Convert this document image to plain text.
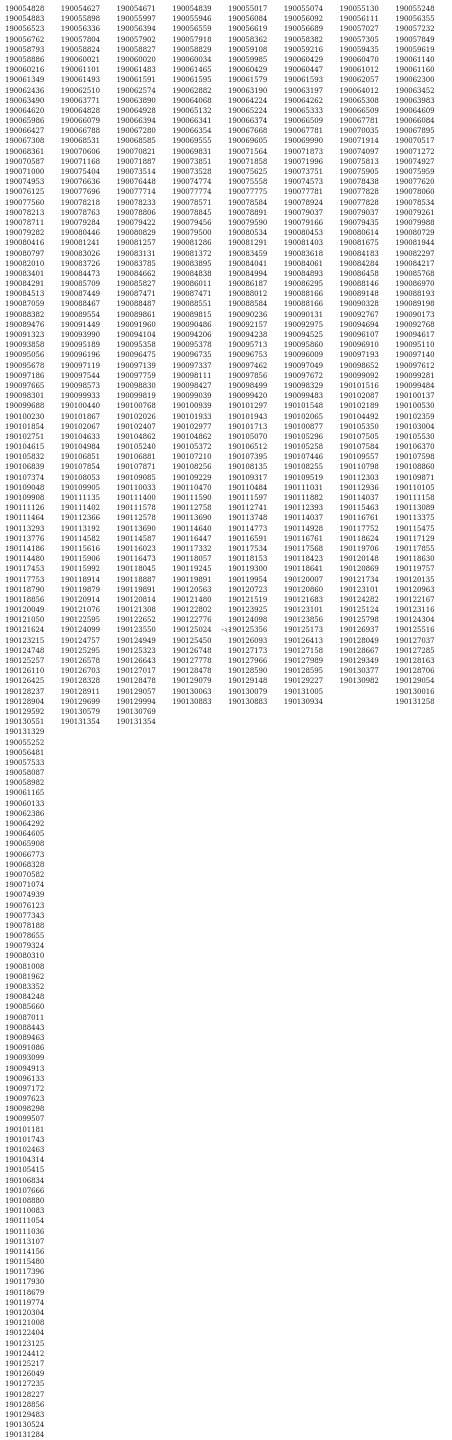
190054828
190054883
190056523
190056762
190058793
190058886
190060216
190061349
190062436
190063490
190064620
190065986
190066427
190067308
190068361
190070587
190071000
190074953
190076125
190077560
190078213
190078711
190079282
190080416
190080797
190082010
190083401
190084291
190084513
190087059
190088382
190089476
190091323
190093858
190095056
190095678
190097186
190097665
190098301
190099688
190100230
190101854
190102751
190104615
190105832
190106839
190107374
190109048
190109908
190111126
190111464
190113293
190113776
190114186
190114480
190117453
190117753
190118790
190118856
190120049
190121050
190121624
190123215
190124748
190125257
190126110
190126425
190128237
190128904
190129592
190130551
190131329
190054627
190055898
190056336
190057804
190058824
190060021
190061101
190061493
190062510
190063771
190064828
190066079
190066788
190068531
190070606
190071168
190075404
190076636
190077696
190078218
190078763
190079284
190080446
190081241
190083026
190083726
190084473
190085709
190087449
190088467
190089554
190091449
190093990
190095189
190096196
190097119
190097544
190098573
190099933
190100440
190101867
190102067
190104633
190104984
190106851
190107854
190108053
190109905
190111135
190111402
190112366
190113192
190114582
190115616
190115906
190115992
190118914
190119879
190120914
190121076
190122595
190124099
190124757
190125295
190126578
190126703
190128328
190128911
190129699
190130579
190131354
190054671
190055997
190056394
190057902
190058827
190060020
190061483
190061591
190062574
190063890
190064928
190066394
190067280
190068585
190070821
190071887
190073514
190076448
190077714
190078233
190078806
190079422
190080829
190081257
190083131
190083785
190084662
190085827
190087471
190088487
190089861
190091960
190094104
190095358
190096475
190097139
190097759
190098830
190099819
190100768
190102026
190102407
190104862
190105240
190106881
190107871
190109085
190110033
190111400
190111578
190112578
190113690
190114587
190116023
190116473
190118045
190118887
190119891
190120814
190121308
190122652
190123550
190124949
190125323
190126643
190127017
190128478
190129057
190129994
190130769
190131354
190054839
190055946
190056559
190057918
190058829
190060034
190061465
190061595
190062882
190064068
190065132
190066341
190066354
190069555
190069831
190073851
190073528
190074774
190077774
190078571
190078845
190079456
190079500
190081286
190081372
190083895
190084838
190086011
190087471
190088551
190089815
190090486
190094206
190095378
190096735
190097337
190098111
190098427
190099039
190100939
190101933
190102977
190104862
190105372
190107210
190108256
190109229
190110470
190111590
190112758
190113690
190114640
190116447
190117332
190118057
190119245
190119891
190120563
190121480
190122802
190122776
190125024
190125450
190126748
190127778
190128478
190129079
190130063
190130883
190055017
190056084
190056619
190058362
190059108
190059985
190060429
190061579
190063190
190064224
190065224
190066374
190067668
190069605
190071564
190071858
190075625
190075558
190077775
190078584
190078891
190079590
190080534
190081291
190083459
190084041
190084994
190086187
190088012
190088584
190090236
190092157
190094238
190095713
190096753
190097462
190097856
190098499
190099420
190101297
190101943
190101713
190105070
190106512
190107395
190108135
190109317
190110484
190111597
190112741
190113748
190114773
190116591
190117534
190118153
190119300
190119954
190120723
190121519
190123925
190124098
190125356
190126093
190127173
190127966
190128590
190129148
190130079
190130883
190055074
190056092
190056689
190058382
190059216
190060429
190060447
190061593
190063197
190064262
190065333
190066509
190067781
190069990
190071873
190071996
190073751
190074573
190077781
190078924
190079037
190079166
190080453
190081403
190083618
190084061
190084893
190086295
190088166
190088166
190090131
190092975
190094525
190095860
190096009
190097049
190097672
190098329
190099483
190101548
190102065
190100877
190105296
190105258
190107446
190108255
190109519
190111031
190111882
190112393
190114037
190114928
190116761
190117568
190118423
190118641
190120007
190120860
190121683
190123101
190123856
190125173
190126413
190127158
190127989
190128595
190129227
190131005
190130934
190055130
190056111
190057027
190057305
190059435
190060470
190061012
190062057
190064012
190065308
190066509
190067781
190070035
190071914
190074097
190075813
190075905
190078438
190077828
190077828
190079037
190079435
190080614
190081675
190084183
190084284
190086458
190088146
190089148
190090328
190092767
190094694
190096107
190096910
190097193
190098652
190099092
190101516
190102087
190102189
190104492
190105350
190107505
190107584
190109557
190110798
190112303
190112936
190114037
190115463
190116761
190117752
190118624
190119706
190120148
190120869
190121734
190123101
190124282
190125124
190125798
190126937
190128049
190128667
190129349
190130377
190130982
190055248
190056355
190057232
190057849
190059619
190061140
190061160
190062300
190063452
190063983
190064609
190066084
190067895
190070517
190071272
190074927
190075959
190077620
190078060
190078534
190079261
190079988
190080729
190081944
190082297
190084217
190085768
190086970
190088193
190089198
190090173
190092768
190094617
190095110
190097140
190097612
190099281
190099484
190100137
190100530
190102359
190103004
190105530
190106370
190107598
190108860
190109871
190110105
190111158
190113089
190113375
190115475
190117129
190117855
190118630
190119757
190120135
190120963
190122167
190123116
190124304
190125516
190127037
190127285
190128163
190128706
190129054
190130016
190131258
190055252
190056481
190057533
190058087
190058982
190061165
190060133
190062386
190064292
190064605
190065908
190066773
190068328
190070582
190071074
190074939
190076123
190077343
190078188
190078655
190079324
190080310
190081008
190081962
190083352
190084248
190085660
190087011
190088443
190089463
190091086
190093099
190094913
190096133
190097172
190097623
190098298
190099507
190101181
190101743
190102463
190104314
190105415
190106834
190107666
190108880
190110083
190111054
190111036
190113107
190114156
190115480
190117396
190117930
190118679
190119774
190120304
190121008
190122404
190123125
190124412
190125217
190126049
190127235
190128227
190128856
190129483
190130524
190131284
-২-
